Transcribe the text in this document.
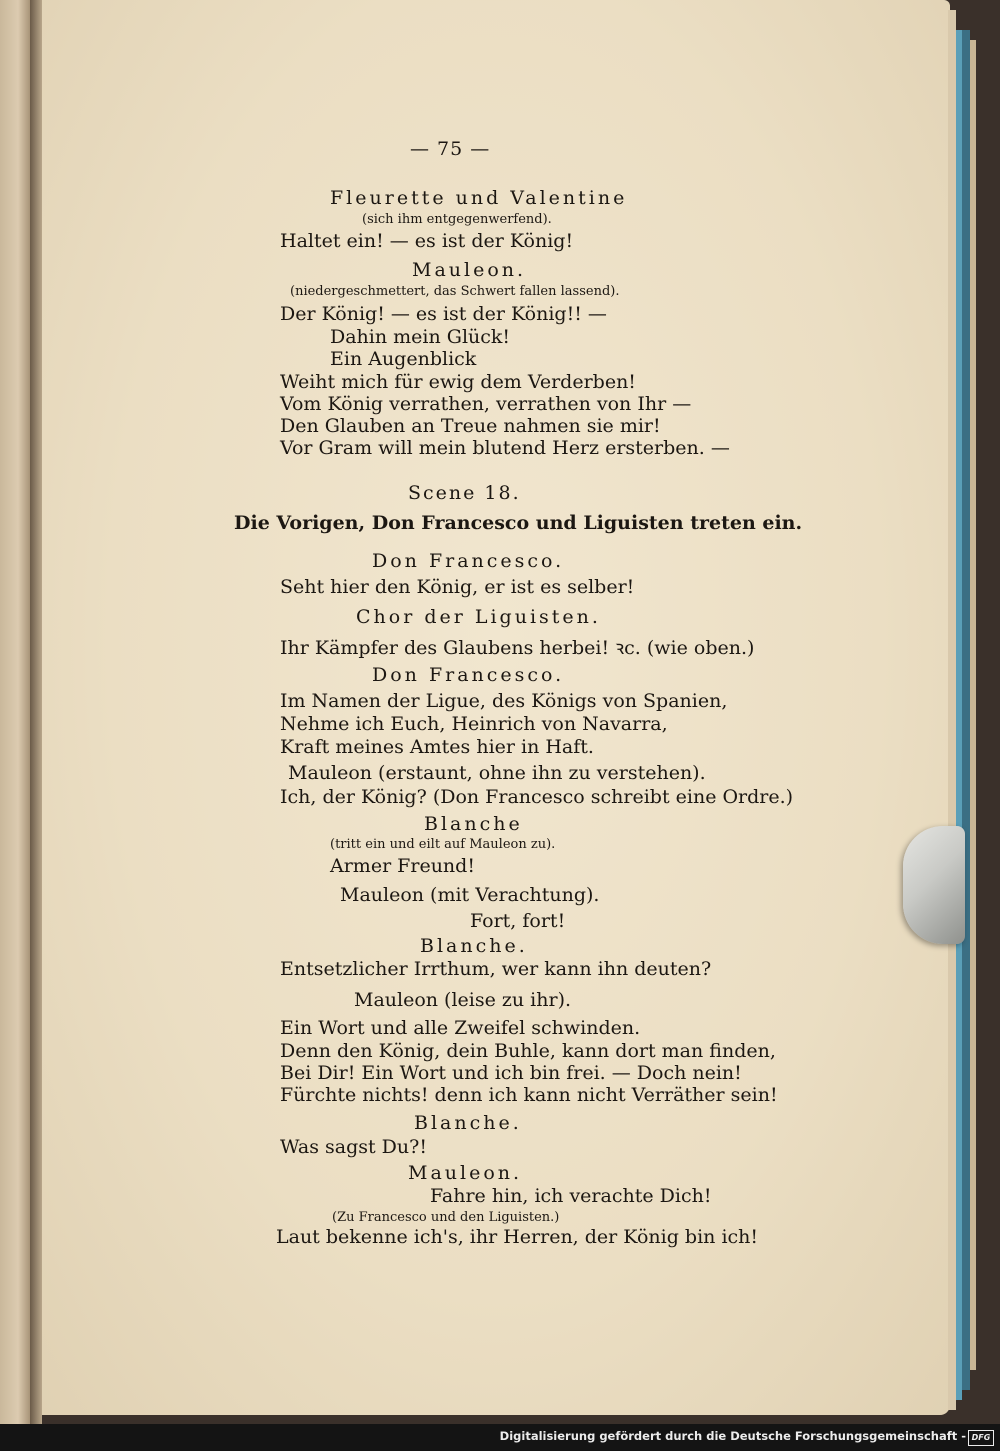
— 75 —
Fleurette und Valentine
(sich ihm entgegenwerfend).
Haltet ein! — es ist der König!
Mauleon.
(niedergeschmettert, das Schwert fallen lassend).
Der König! — es ist der König!! —
Dahin mein Glück!
Ein Augenblick
Weiht mich für ewig dem Verderben!
Vom König verrathen, verrathen von Ihr —
Den Glauben an Treue nahmen sie mir!
Vor Gram will mein blutend Herz ersterben. —
Scene 18.
Die Vorigen, Don Francesco und Liguisten treten ein.
Don Francesco.
Seht hier den König, er ist es selber!
Chor der Liguisten.
Ihr Kämpfer des Glaubens herbei! ꝛc. (wie oben.)
Don Francesco.
Im Namen der Ligue, des Königs von Spanien,
Nehme ich Euch, Heinrich von Navarra,
Kraft meines Amtes hier in Haft.
Mauleon (erstaunt, ohne ihn zu verstehen).
Ich, der König? (Don Francesco schreibt eine Ordre.)
Blanche
(tritt ein und eilt auf Mauleon zu).
Armer Freund!
Mauleon (mit Verachtung).
Fort, fort!
Blanche.
Entsetzlicher Irrthum, wer kann ihn deuten?
Mauleon (leise zu ihr).
Ein Wort und alle Zweifel schwinden.
Denn den König, dein Buhle, kann dort man finden,
Bei Dir! Ein Wort und ich bin frei. — Doch nein!
Fürchte nichts! denn ich kann nicht Verräther sein!
Blanche.
Was sagst Du?!
Mauleon.
Fahre hin, ich verachte Dich!
(Zu Francesco und den Liguisten.)
Laut bekenne ich's, ihr Herren, der König bin ich!
Digitalisierung gefördert durch die Deutsche Forschungsgemeinschaft - DFG
